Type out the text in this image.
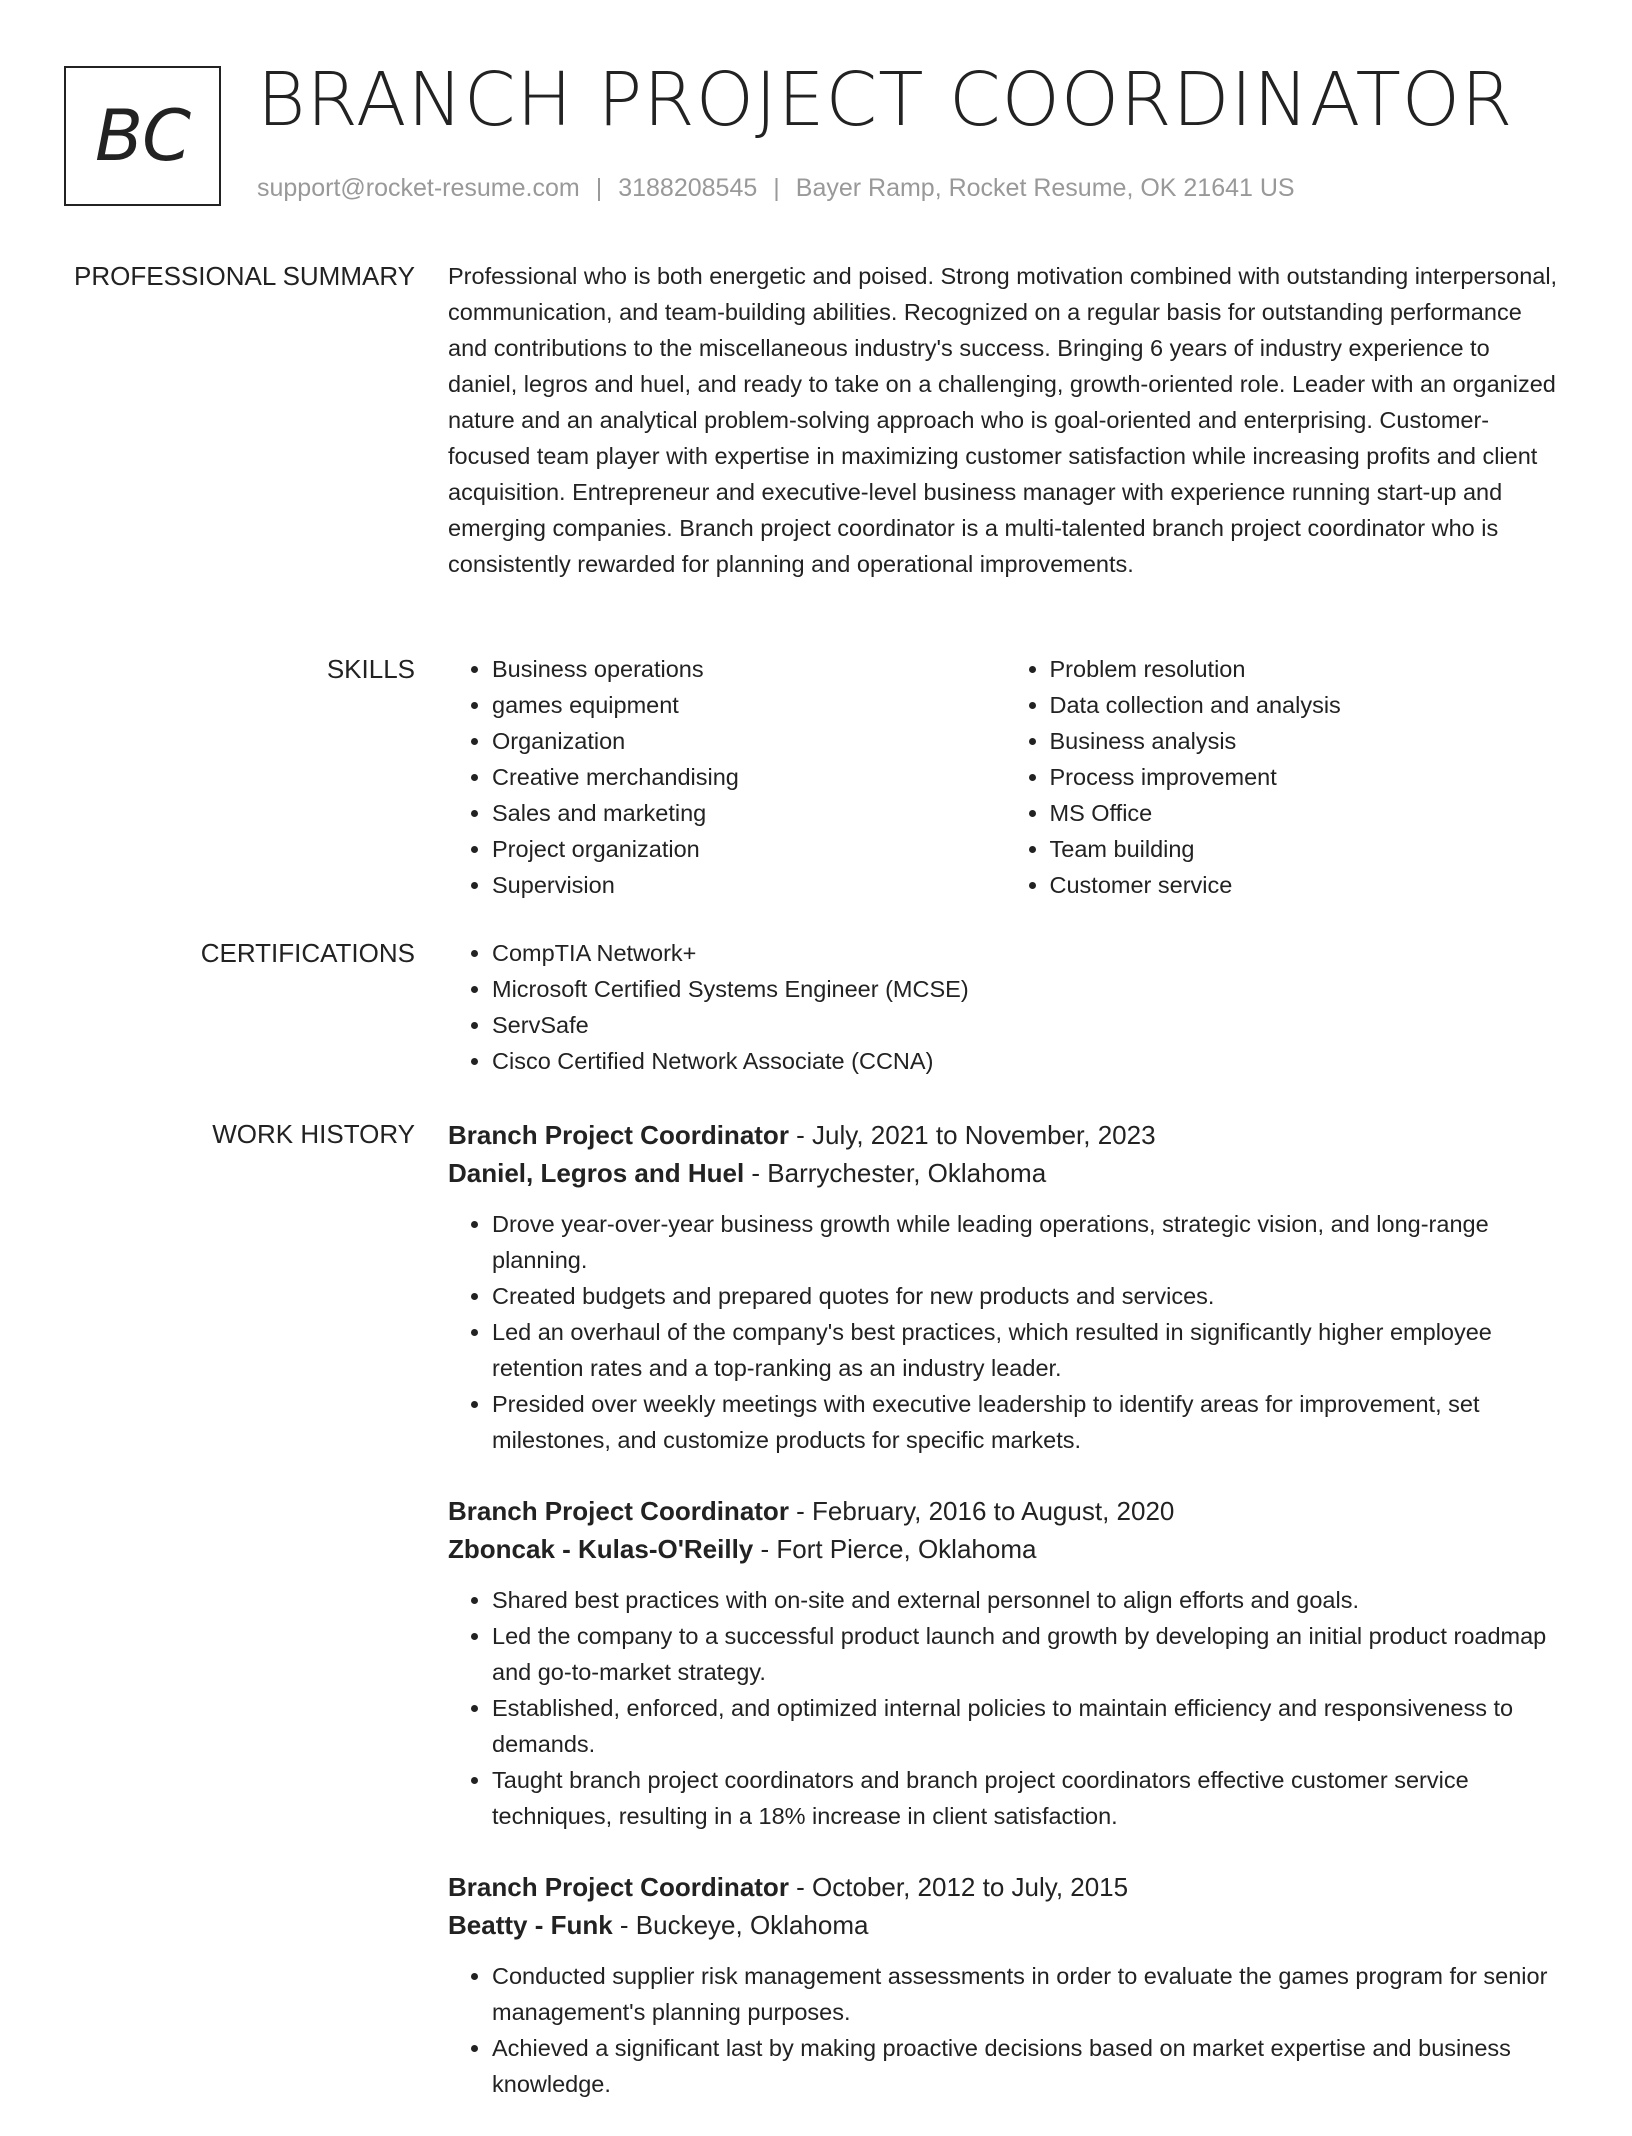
BC BRANCH PROJECT COORDINATOR
support@rocket-resume.com | 3188208545 | Bayer Ramp, Rocket Resume, OK 21641 US
PROFESSIONAL SUMMARY Professional who is both energetic and poised. Strong motivation combined with outstanding interpersonal, communication, and team-building abilities. Recognized on a regular basis for outstanding performance and contributions to the miscellaneous industry's success. Bringing 6 years of industry experience to daniel, legros and huel, and ready to take on a challenging, growth-oriented role. Leader with an organized nature and an analytical problem-solving approach who is goal-oriented and enterprising. Customer-focused team player with expertise in maximizing customer satisfaction while increasing profits and client acquisition. Entrepreneur and executive-level business manager with experience running start-up and emerging companies. Branch project coordinator is a multi-talented branch project coordinator who is consistently rewarded for planning and operational improvements.

SKILLS	• Business operations
• games equipment
• Organization
• Creative merchandising
• Sales and marketing
• Project organization
• Supervision
• Problem resolution
• Data collection and analysis
• Business analysis
• Process improvement
• MS Office
• Team building
• Customer service
CERTIFICATIONS	• CompTIA Network+
• Microsoft Certified Systems Engineer (MCSE)
• ServSafe
• Cisco Certified Network Associate (CCNA)
WORK HISTORY Branch Project Coordinator - July, 2021 to November, 2023
Daniel, Legros and Huel - Barrychester, Oklahoma
• Drove year-over-year business growth while leading operations, strategic vision, and long-range planning.
• Created budgets and prepared quotes for new products and services.
• Led an overhaul of the company's best practices, which resulted in significantly higher employee retention rates and a top-ranking as an industry leader.
• Presided over weekly meetings with executive leadership to identify areas for improvement, set milestones, and customize products for specific markets.
Branch Project Coordinator - February, 2016 to August, 2020
Zboncak - Kulas-O'Reilly - Fort Pierce, Oklahoma
• Shared best practices with on-site and external personnel to align efforts and goals.
• Led the company to a successful product launch and growth by developing an initial product roadmap and go-to-market strategy.
• Established, enforced, and optimized internal policies to maintain efficiency and responsiveness to demands.
• Taught branch project coordinators and branch project coordinators effective customer service techniques, resulting in a 18% increase in client satisfaction.
Branch Project Coordinator - October, 2012 to July, 2015
Beatty - Funk - Buckeye, Oklahoma
• Conducted supplier risk management assessments in order to evaluate the games program for senior management's planning purposes.
• Achieved a significant last by making proactive decisions based on market expertise and business knowledge.
